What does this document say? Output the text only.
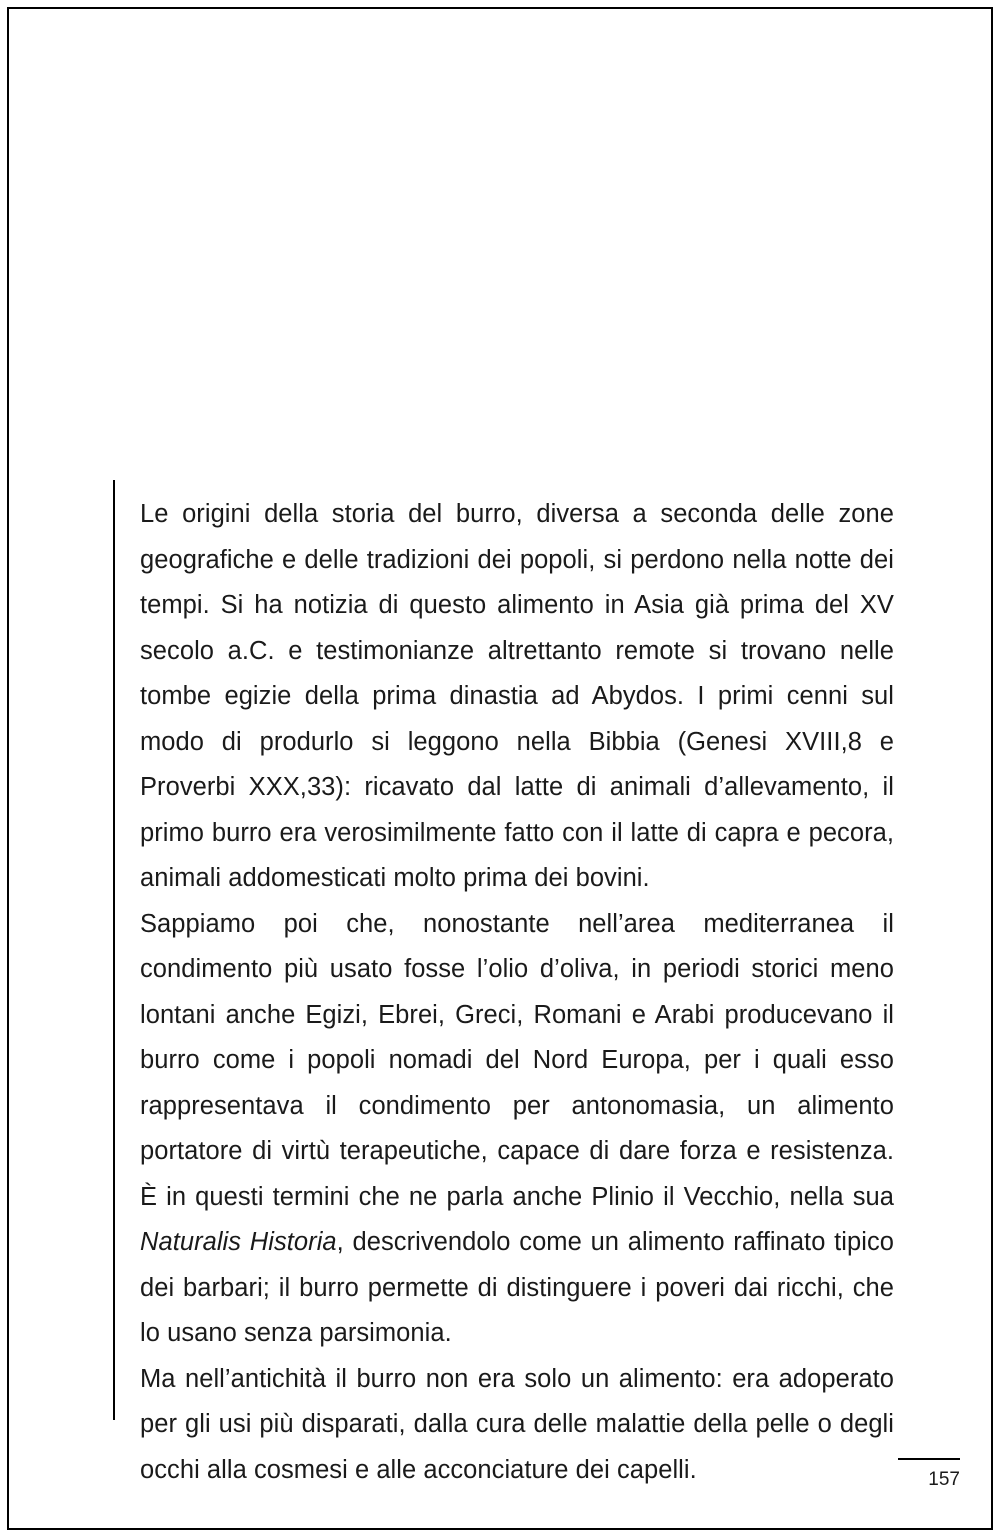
Le origini della storia del burro, diversa a seconda delle zone geografiche e delle tradizioni dei popoli, si perdono nella notte dei tempi. Si ha notizia di questo alimento in Asia già prima del XV secolo a.C. e testimonianze altrettanto remote si trovano nelle tombe egizie della prima dinastia ad Abydos. I primi cenni sul modo di produrlo si leggono nella Bibbia (Genesi XVIII,8 e Proverbi XXX,33): ricavato dal latte di animali d’allevamento, il primo burro era verosimilmente fatto con il latte di capra e pecora, animali addomesticati molto prima dei bovini.

Sappiamo poi che, nonostante nell’area mediterranea il condimento più usato fosse l’olio d’oliva, in periodi storici meno lontani anche Egizi, Ebrei, Greci, Romani e Arabi producevano il burro come i popoli nomadi del Nord Europa, per i quali esso rappresentava il condimento per antonomasia, un alimento portatore di virtù terapeutiche, capace di dare forza e resistenza. È in questi termini che ne parla anche Plinio il Vecchio, nella sua Naturalis Historia, descrivendolo come un alimento raffinato tipico dei barbari; il burro permette di distinguere i poveri dai ricchi, che lo usano senza parsimonia.

Ma nell’antichità il burro non era solo un alimento: era adoperato per gli usi più disparati, dalla cura delle malattie della pelle o degli occhi alla cosmesi e alle acconciature dei capelli.	157
